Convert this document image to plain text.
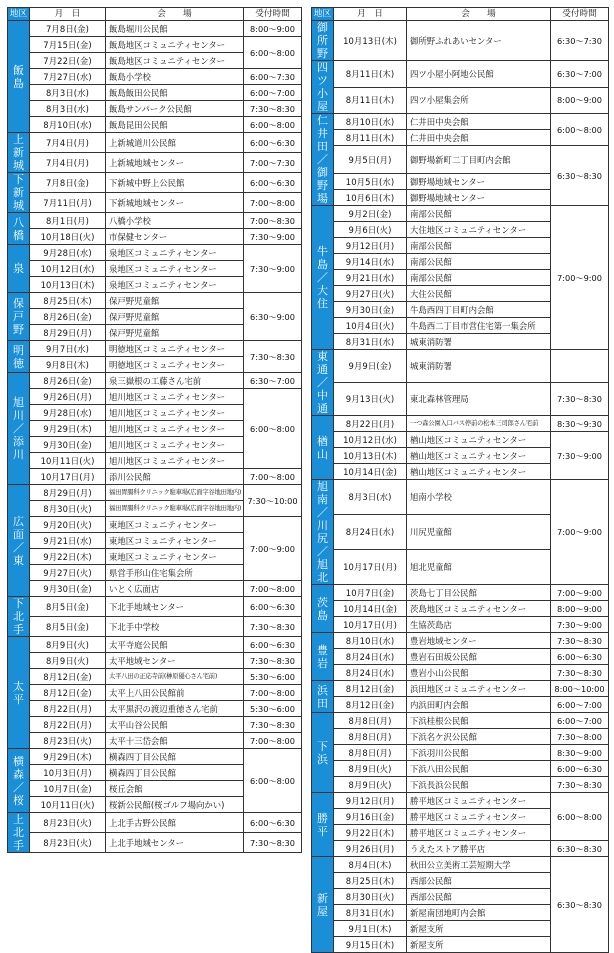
地区	月　日	会　　場	受付時間
飯島	7月8日(金)	飯島堀川公民館	8:00〜9:00
	7月15日(金)	飯島地区コミュニティセンター	6:00〜8:00
	7月22日(金)	飯島地区コミュニティセンター	
	7月27日(水)	飯島小学校	6:00〜7:30
	8月3日(水)	飯島飯田公民館	6:00〜7:00
	8月3日(水)	飯島サンパーク公民館	7:30〜8:30
	8月10日(水)	飯島昆田公民館	6:00〜8:00
上新城	7月4日(月)	上新城道川公民館	6:00〜6:30
	7月4日(月)	上新城地域センター	7:00〜7:30
下新城	7月8日(金)	下新城中野上公民館	6:00〜6:30
	7月11日(月)	下新城地域センター	7:00〜8:00
八橋	8月1日(月)	八橋小学校	7:00〜8:30
	10月18日(火)	市保健センター	7:30〜9:00
泉	9月28日(水)	泉地区コミュニティセンター	7:30〜9:00
	10月12日(水)	泉地区コミュニティセンター	
	10月13日(木)	泉地区コミュニティセンター	
保戸野	8月25日(木)	保戸野児童館	6:30〜9:00
	8月26日(金)	保戸野児童館	
	8月29日(月)	保戸野児童館	
明徳	9月7日(水)	明徳地区コミュニティセンター	7:30〜8:30
	9月8日(木)	明徳地区コミュニティセンター	
旭川／添川	8月26日(金)	泉三嶽根の工藤さん宅前	6:30〜7:00
	9月26日(月)	旭川地区コミュニティセンター	6:00〜8:00
	9月28日(水)	旭川地区コミュニティセンター	
	9月29日(木)	旭川地区コミュニティセンター	
	9月30日(金)	旭川地区コミュニティセンター	
	10月11日(火)	旭川地区コミュニティセンター	
	10月17日(月)	添川公民館	7:00〜8:00
広面／東	8月29日(月)	福田胃腸科クリニック駐車場(広面字谷地田地内)	7:30〜10:00
	8月30日(火)	福田胃腸科クリニック駐車場(広面字谷地田地内)	
	9月20日(火)	東地区コミュニティセンター	7:00〜9:00
	9月21日(水)	東地区コミュニティセンター	
	9月22日(木)	東地区コミュニティセンター	
	9月27日(火)	県営手形山住宅集会所	
	9月30日(金)	いとく広面店	7:00〜8:00
下北手	8月5日(金)	下北手地域センター	6:00〜6:30
	8月5日(金)	下北手中学校	7:30〜8:30
太平	8月9日(火)	太平寺庭公民館	6:00〜6:30
	8月9日(火)	太平地域センター	7:30〜8:30
	8月12日(金)	太平八田の正応寺前(榊原優心さん宅前)	5:30〜6:00
	8月12日(金)	太平上八田公民館前	7:00〜8:00
	8月22日(月)	太平黒沢の渡辺重徳さん宅前	5:30〜6:00
	8月22日(月)	太平山谷公民館	7:30〜8:30
	8月23日(火)	太平十三岱会館	7:00〜8:00
横森／桜	9月29日(木)	横森四丁目公民館	6:00〜8:00
	10月3日(月)	横森四丁目公民館	
	10月7日(金)	桜丘会館	
	10月11日(火)	桜新公民館(桜ゴルフ場向かい)	
上北手	8月23日(火)	上北手古野公民館	6:00〜6:30
	8月23日(火)	上北手地域センター	7:30〜8:30
地区	月　日	会　　場	受付時間	
御所野	10月13日(木)	御所野ふれあいセンター	6:30〜7:30	
四ツ小屋	8月11日(木)	四ツ小屋小阿地公民館	6:30〜7:00	
	8月11日(木)	四ツ小屋集会所	8:00〜9:00	
仁井田／御野場	8月10日(水)	仁井田中央会館	6:00〜8:00	
	8月11日(木)	仁井田中央会館		
	9月5日(月)	御野場新町二丁目町内会館	6:30〜8:30	
	10月5日(水)	御野場地域センター		
	10月6日(木)	御野場地域センター		
牛島／大住	9月2日(金)	南部公民館	7:00〜9:00	
	9月6日(火)	大住地区コミュニティセンター		
	9月12日(月)	南部公民館		
	9月14日(水)	南部公民館		
	9月21日(水)	南部公民館		
	9月27日(火)	大住公民館		
	9月30日(金)	牛島西四丁目町内会館		
	10月4日(火)	牛島西二丁目市営住宅第一集会所		
	8月31日(水)	城東消防署	
東通／中通	9月9日(金)	城東消防署		
	9月13日(火)	東北森林管理局	7:30〜8:30	
楢山	8月22日(月)	一つ森公園入口バス停前の松本三司郎さん宅前	8:30〜9:30	
	10月12日(水)	楢山地区コミュニティセンター	7:30〜9:00	
	10月13日(木)	楢山地区コミュニティセンター		
	10月14日(金)	楢山地区コミュニティセンター		
旭南／川尻／旭北	8月3日(水)	旭南小学校	7:00〜9:00	
	8月24日(水)	川尻児童館		
	10月17日(月)	旭北児童館		
茨島	10月7日(金)	茨島七丁目公民館	7:00〜9:00	
	10月14日(金)	茨島地区コミュニティセンター	8:00〜9:00	
	10月17日(月)	生協茨島店	7:30〜9:00	
豊岩	8月10日(水)	豊岩地域センター	7:30〜8:30	
	8月24日(水)	豊岩石田坂公民館	6:00〜6:30	
	8月24日(水)	豊岩小山公民館	7:30〜8:30	
浜田	8月12日(金)	浜田地区コミュニティセンター	8:00〜10:00	
	8月12日(金)	内浜田町内会館	6:00〜7:00	
下浜	8月8日(月)	下浜桂根公民館	6:00〜7:00	
	8月8日(月)	下浜名ケ沢公民館	7:30〜8:00	
	8月8日(月)	下浜羽川公民館	8:30〜9:00	
	8月9日(火)	下浜八田公民館	6:00〜6:30	
	8月9日(火)	下浜長浜公民館	7:30〜8:30	
勝平	9月12日(月)	勝平地区コミュニティセンター	6:00〜8:00	
	9月16日(金)	勝平地区コミュニティセンター		
	9月22日(木)	勝平地区コミュニティセンター		
	9月26日(月)	うえたストア勝平店	6:30〜8:30	
新屋	8月4日(木)	秋田公立美術工芸短期大学	6:30〜8:30	
	8月25日(木)	西部公民館		
	8月30日(火)	西部公民館		
	8月31日(水)	新屋南団地町内会館		
	9月1日(木)	新屋支所		
	9月15日(木)	新屋支所		
